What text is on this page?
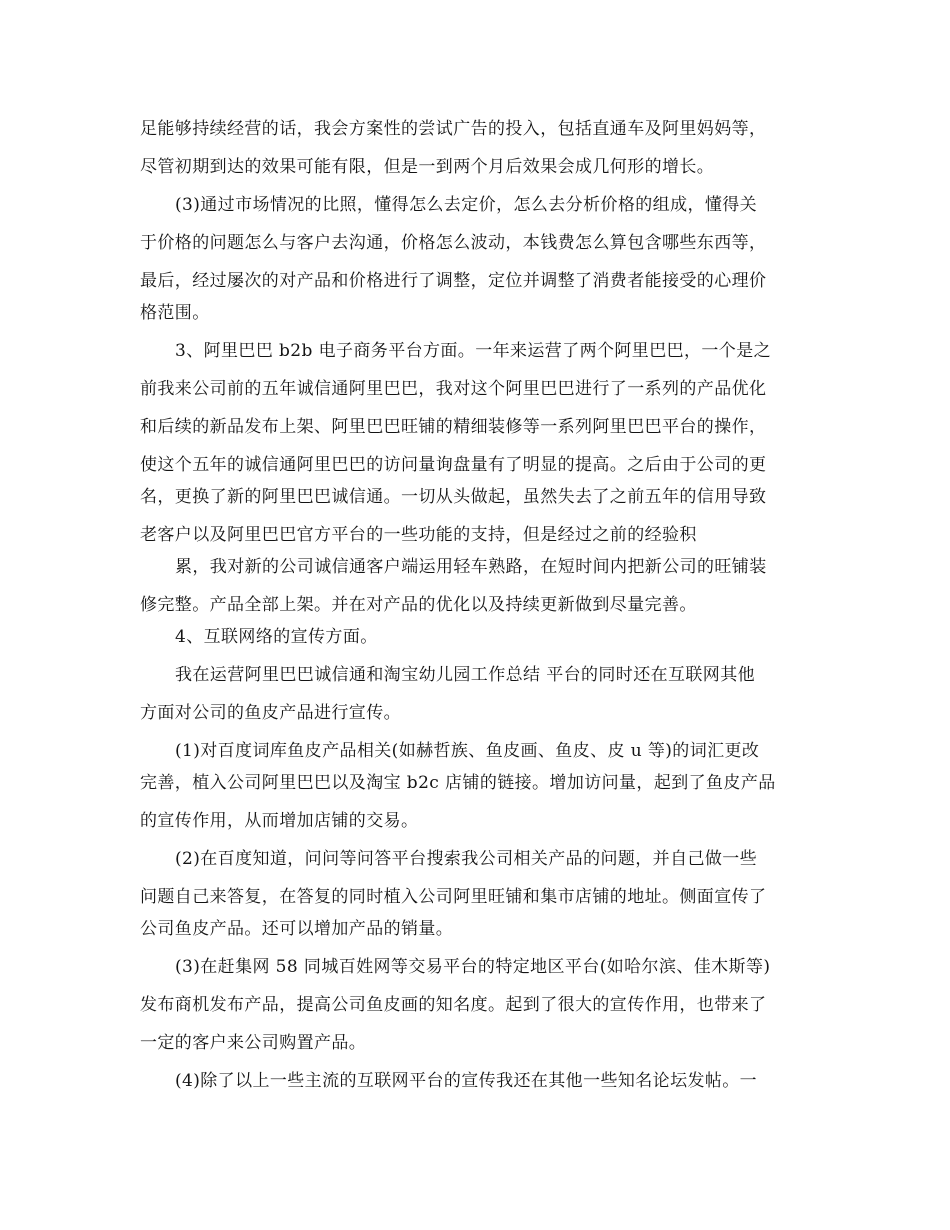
足能够持续经营的话，我会方案性的尝试广告的投入，包括直通车及阿里妈妈等，

尽管初期到达的效果可能有限，但是一到两个月后效果会成几何形的增长。

(3)通过市场情况的比照，懂得怎么去定价，怎么去分析价格的组成，懂得关

于价格的问题怎么与客户去沟通，价格怎么波动，本钱费怎么算包含哪些东西等，

最后，经过屡次的对产品和价格进行了调整，定位并调整了消费者能接受的心理价

格范围。

3、阿里巴巴 b2b 电子商务平台方面。一年来运营了两个阿里巴巴，一个是之

前我来公司前的五年诚信通阿里巴巴，我对这个阿里巴巴进行了一系列的产品优化

和后续的新品发布上架、阿里巴巴旺铺的精细装修等一系列阿里巴巴平台的操作，

使这个五年的诚信通阿里巴巴的访问量询盘量有了明显的提高。之后由于公司的更

名，更换了新的阿里巴巴诚信通。一切从头做起，虽然失去了之前五年的信用导致

老客户以及阿里巴巴官方平台的一些功能的支持，但是经过之前的经验积

累，我对新的公司诚信通客户端运用轻车熟路，在短时间内把新公司的旺铺装

修完整。产品全部上架。并在对产品的优化以及持续更新做到尽量完善。

4、互联网络的宣传方面。

我在运营阿里巴巴诚信通和淘宝幼儿园工作总结 平台的同时还在互联网其他

方面对公司的鱼皮产品进行宣传。

(1)对百度词库鱼皮产品相关(如赫哲族、鱼皮画、鱼皮、皮 u 等)的词汇更改

完善，植入公司阿里巴巴以及淘宝 b2c 店铺的链接。增加访问量，起到了鱼皮产品

的宣传作用，从而增加店铺的交易。

(2)在百度知道，问问等问答平台搜索我公司相关产品的问题，并自己做一些

问题自己来答复，在答复的同时植入公司阿里旺铺和集市店铺的地址。侧面宣传了

公司鱼皮产品。还可以增加产品的销量。

(3)在赶集网 58 同城百姓网等交易平台的特定地区平台(如哈尔滨、佳木斯等)

发布商机发布产品，提高公司鱼皮画的知名度。起到了很大的宣传作用，也带来了

一定的客户来公司购置产品。

(4)除了以上一些主流的互联网平台的宣传我还在其他一些知名论坛发帖。一
